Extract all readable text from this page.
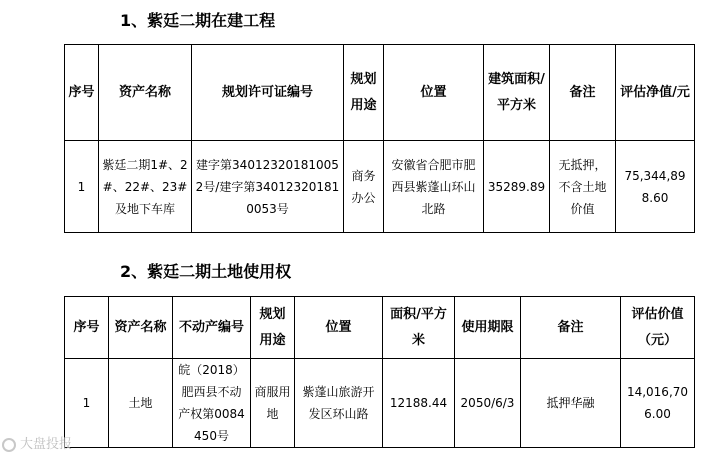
1、紫廷二期在建工程
序号	资产名称	规划许可证编号	规划用途	位置	建筑面积/平方米	备注	评估净值/元
1	紫廷二期1#、2#、22#、23#及地下车库	建字第340123201810052号/建字第340123201810053号	商务办公	安徽省合肥市肥西县紫蓬山环山北路	35289.89	无抵押，不含土地价值	75,344,898.60
2、紫廷二期土地使用权
序号	资产名称	不动产编号	规划用途	位置	面积/平方米	使用期限	备注	评估价值（元）
1	土地	皖（2018）肥西县不动产权第0084450号	商服用地	紫蓬山旅游开发区环山路	12188.44	2050/6/3	抵押华融	14,016,706.00
大盘投报
